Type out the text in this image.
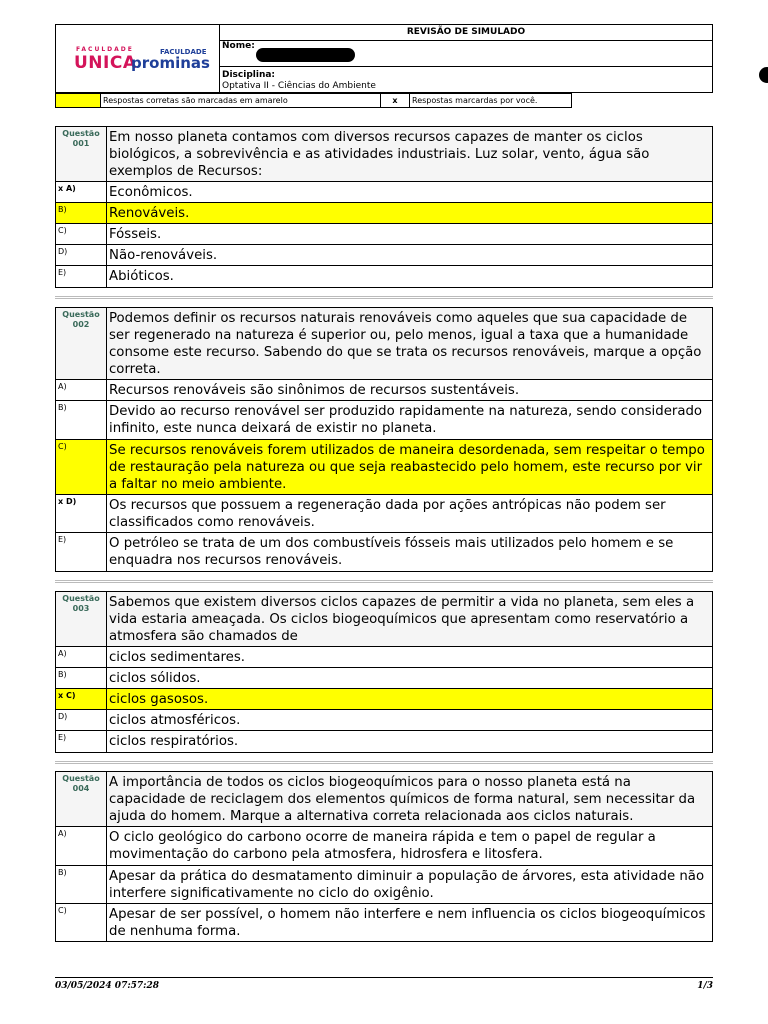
FACULDADE
UNICA
FACULDADE
prominas
REVISÃO DE SIMULADO
Nome:
Disciplina:
Optativa II - Ciências do Ambiente
Respostas corretas são marcadas em amarelo	x	Respostas marcardas por você.
Questão
001	Em nosso planeta contamos com diversos recursos capazes de manter os ciclos biológicos, a sobrevivência e as atividades industriais. Luz solar, vento, água são exemplos de Recursos:
x A)	Econômicos.
B)	Renováveis.
C)	Fósseis.
D)	Não-renováveis.
E)	Abióticos.
Questão
002	Podemos definir os recursos naturais renováveis como aqueles que sua capacidade de ser regenerado na natureza é superior ou, pelo menos, igual a taxa que a humanidade consome este recurso. Sabendo do que se trata os recursos renováveis, marque a opção correta.
A)	Recursos renováveis são sinônimos de recursos sustentáveis.
B)	Devido ao recurso renovável ser produzido rapidamente na natureza, sendo considerado infinito, este nunca deixará de existir no planeta.
C)	Se recursos renováveis forem utilizados de maneira desordenada, sem respeitar o tempo de restauração pela natureza ou que seja reabastecido pelo homem, este recurso por vir a faltar no meio ambiente.
x D)	Os recursos que possuem a regeneração dada por ações antrópicas não podem ser classificados como renováveis.
E)	O petróleo se trata de um dos combustíveis fósseis mais utilizados pelo homem e se enquadra nos recursos renováveis.
Questão
003	Sabemos que existem diversos ciclos capazes de permitir a vida no planeta, sem eles a vida estaria ameaçada. Os ciclos biogeoquímicos que apresentam como reservatório a atmosfera são chamados de
A)	ciclos sedimentares.
B)	ciclos sólidos.
x C)	ciclos gasosos.
D)	ciclos atmosféricos.
E)	ciclos respiratórios.
Questão
004	A importância de todos os ciclos biogeoquímicos para o nosso planeta está na capacidade de reciclagem dos elementos químicos de forma natural, sem necessitar da ajuda do homem. Marque a alternativa correta relacionada aos ciclos naturais.
A)	O ciclo geológico do carbono ocorre de maneira rápida e tem o papel de regular a movimentação do carbono pela atmosfera, hidrosfera e litosfera.
B)	Apesar da prática do desmatamento diminuir a população de árvores, esta atividade não interfere significativamente no ciclo do oxigênio.
C)	Apesar de ser possível, o homem não interfere e nem influencia os ciclos biogeoquímicos de nenhuma forma.
03/05/2024 07:57:28	1/3
